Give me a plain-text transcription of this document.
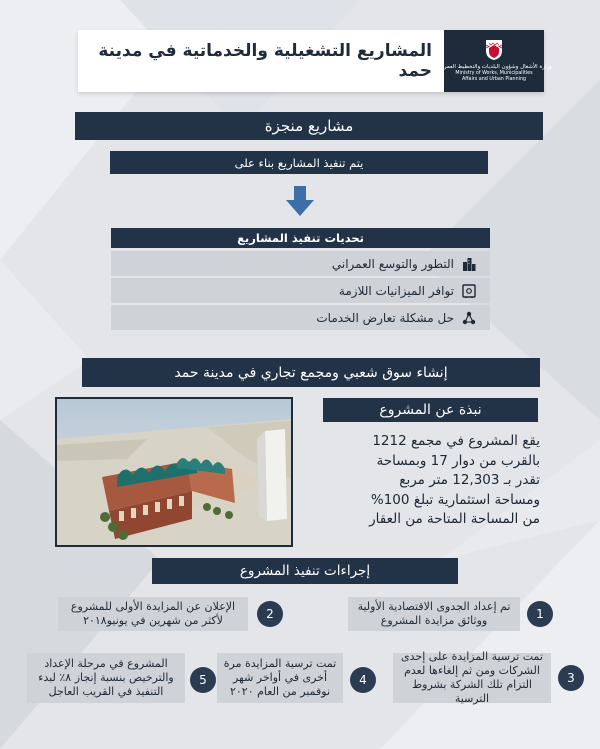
المشاريع التشغيلية والخدماتية في مدينة حمد وزارة الأشغال وشؤون البلديات والتخطيط العمراني
Ministry of Works, Municipalities Affairs and Urban Planning
مشاريع منجزة
يتم تنفيذ المشاريع بناء على
تحديات تنفيذ المشاريع
التطور والتوسع العمراني
توافر الميزانيات اللازمة
حل مشكلة تعارض الخدمات
إنشاء سوق شعبي ومجمع تجاري في مدينة حمد
نبذة عن المشروع
يقع المشروع في مجمع 1212
بالقرب من دوار 17 وبمساحة
تقدر بـ 12,303 متر مربع
ومساحة استثمارية تبلغ 100%
من المساحة المتاحة من العقار
إجراءات تنفيذ المشروع
تم إعداد الجدوى الاقتصادية الأولية ووثائق مزايدة المشروع	1
الإعلان عن المزايدة الأولى للمشروع لأكثر من شهرين في يونيو٢٠١٨	2
تمت ترسية المزايدة على إحدى الشركات ومن ثم إلغاءها لعدم التزام تلك الشركة بشروط الترسية
3
تمت ترسية المزايدة مرة أخرى في أواخر شهر نوفمبر من العام ٢٠٢٠
4
المشروع في مرحلة الإعداد والترخيص بنسبة إنجاز ٨٪ لبدء التنفيذ في القريب العاجل
5
